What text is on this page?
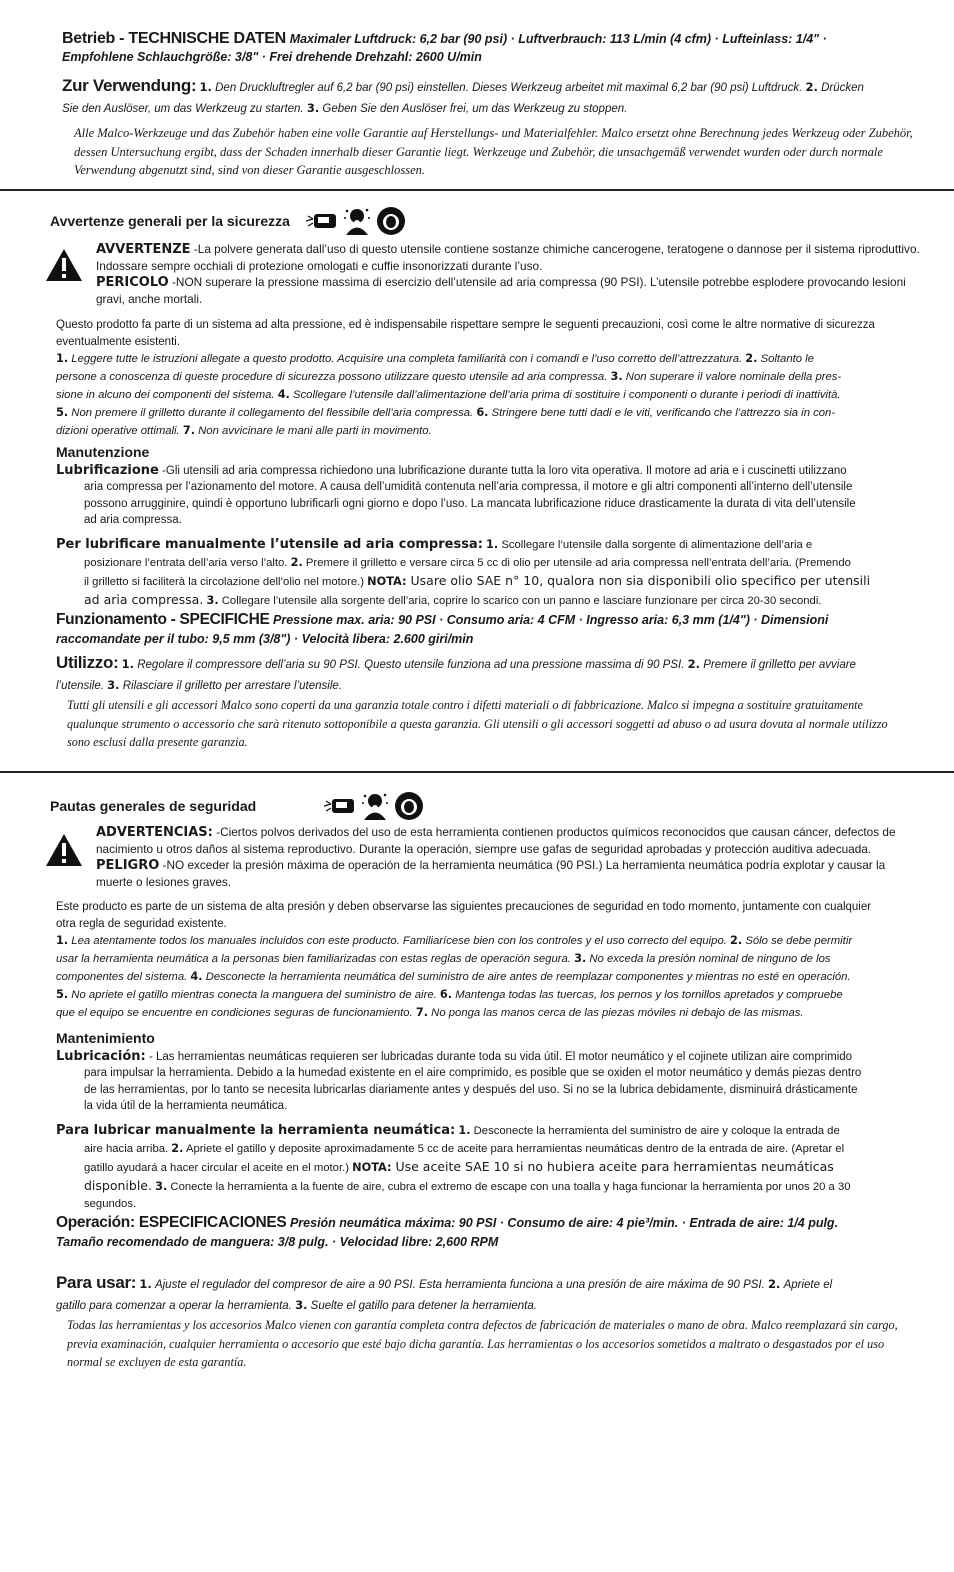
Betrieb - TECHNISCHE DATEN Maximaler Luftdruck: 6,2 bar (90 psi) · Luftverbrauch: 113 L/min (4 cfm) · Lufteinlass: 1/4" ·
Empfohlene Schlauchgröße: 3/8" · Frei drehende Drehzahl: 2600 U/min
Zur Verwendung: 1. Den Druckluftregler auf 6,2 bar (90 psi) einstellen. Dieses Werkzeug arbeitet mit maximal 6,2 bar (90 psi) Luftdruck. 2. Drücken
Sie den Auslöser, um das Werkzeug zu starten. 3. Geben Sie den Auslöser frei, um das Werkzeug zu stoppen.
Alle Malco-Werkzeuge und das Zubehör haben eine volle Garantie auf Herstellungs- und Materialfehler. Malco ersetzt ohne Berechnung jedes Werkzeug oder Zubehör,
dessen Untersuchung ergibt, dass der Schaden innerhalb dieser Garantie liegt. Werkzeuge und Zubehör, die unsachgemäß verwendet wurden oder durch normale
Verwendung abgenutzt sind, sind von dieser Garantie ausgeschlossen.
Avvertenze generali per la sicurezza
AVVERTENZE -La polvere generata dall’uso di questo utensile contiene sostanze chimiche cancerogene, teratogene o dannose per il sistema riproduttivo.
Indossare sempre occhiali di protezione omologati e cuffie insonorizzati durante l’uso.
PERICOLO -NON superare la pressione massima di esercizio dell’utensile ad aria compressa (90 PSI). L’utensile potrebbe esplodere provocando lesioni
gravi, anche mortali.
Questo prodotto fa parte di un sistema ad alta pressione, ed è indispensabile rispettare sempre le seguenti precauzioni, così come le altre normative di sicurezza
eventualmente esistenti.
1. Leggere tutte le istruzioni allegate a questo prodotto. Acquisire una completa familiarità con i comandi e l’uso corretto dell’attrezzatura. 2. Soltanto le
persone a conoscenza di queste procedure di sicurezza possono utilizzare questo utensile ad aria compressa. 3. Non superare il valore nominale della pres-
sione in alcuno dei componenti del sistema. 4. Scollegare l’utensile dall’alimentazione dell’aria prima di sostituire i componenti o durante i periodi di inattività.
5. Non premere il grilletto durante il collegamento del flessibile dell’aria compressa. 6. Stringere bene tutti dadi e le viti, verificando che l’attrezzo sia in con-
dizioni operative ottimali. 7. Non avvicinare le mani alle parti in movimento.
Manutenzione
Lubrificazione -Gli utensili ad aria compressa richiedono una lubrificazione durante tutta la loro vita operativa. Il motore ad aria e i cuscinetti utilizzano

aria compressa per l’azionamento del motore. A causa dell’umidità contenuta nell’aria compressa, il motore e gli altri componenti all’interno dell’utensile
possono arrugginire, quindi è opportuno lubrificarli ogni giorno e dopo l’uso. La mancata lubrificazione riduce drasticamente la durata di vita dell’utensile
ad aria compressa.
Per lubrificare manualmente l’utensile ad aria compressa: 1. Scollegare l’utensile dalla sorgente di alimentazione dell’aria e

posizionare l’entrata dell’aria verso l’alto. 2. Premere il grilletto e versare circa 5 cc di olio per utensile ad aria compressa nell’entrata dell’aria. (Premendo
il grilletto si faciliterà la circolazione dell’olio nel motore.) NOTA: Usare olio SAE n° 10, qualora non sia disponibili olio specifico per utensili
ad aria compressa. 3. Collegare l’utensile alla sorgente dell’aria, coprire lo scarico con un panno e lasciare funzionare per circa 20-30 secondi.
Funzionamento - SPECIFICHE Pressione max. aria: 90 PSI · Consumo aria: 4 CFM · Ingresso aria: 6,3 mm (1/4") · Dimensioni
raccomandate per il tubo: 9,5 mm (3/8") · Velocità libera: 2.600 giri/min
Utilizzo: 1. Regolare il compressore dell’aria su 90 PSI. Questo utensile funziona ad una pressione massima di 90 PSI. 2. Premere il grilletto per avviare
l’utensile. 3. Rilasciare il grilletto per arrestare l’utensile.
Tutti gli utensili e gli accessori Malco sono coperti da una garanzia totale contro i difetti materiali o di fabbricazione. Malco si impegna a sostituire gratuitamente
qualunque strumento o accessorio che sarà ritenuto sottoponibile a questa garanzia. Gli utensili o gli accessori soggetti ad abuso o ad usura dovuta al normale utilizzo
sono esclusi dalla presente garanzia.
Pautas generales de seguridad
ADVERTENCIAS: -Ciertos polvos derivados del uso de esta herramienta contienen productos químicos reconocidos que causan cáncer, defectos de
nacimiento u otros daños al sistema reproductivo. Durante la operación, siempre use gafas de seguridad aprobadas y protección auditiva adecuada.
PELIGRO -NO exceder la presión máxima de operación de la herramienta neumática (90 PSI.) La herramienta neumática podría explotar y causar la
muerte o lesiones graves.
Este producto es parte de un sistema de alta presión y deben observarse las siguientes precauciones de seguridad en todo momento, juntamente con cualquier
otra regla de seguridad existente.
1. Lea atentamente todos los manuales incluidos con este producto. Familiarícese bien con los controles y el uso correcto del equipo. 2. Sólo se debe permitir
usar la herramienta neumática a la personas bien familiarizadas con estas reglas de operación segura. 3. No exceda la presión nominal de ninguno de los
componentes del sistema. 4. Desconecte la herramienta neumática del suministro de aire antes de reemplazar componentes y mientras no esté en operación.
5. No apriete el gatillo mientras conecta la manguera del suministro de aire. 6. Mantenga todas las tuercas, los pernos y los tornillos apretados y compruebe
que el equipo se encuentre en condiciones seguras de funcionamiento. 7. No ponga las manos cerca de las piezas móviles ni debajo de las mismas.
Mantenimiento
Lubricación: - Las herramientas neumáticas requieren ser lubricadas durante toda su vida útil. El motor neumático y el cojinete utilizan aire comprimido

para impulsar la herramienta. Debido a la humedad existente en el aire comprimido, es posible que se oxiden el motor neumático y demás piezas dentro
de las herramientas, por lo tanto se necesita lubricarlas diariamente antes y después del uso. Si no se la lubrica debidamente, disminuirá drásticamente
la vida útil de la herramienta neumática.
Para lubricar manualmente la herramienta neumática: 1. Desconecte la herramienta del suministro de aire y coloque la entrada de

aire hacia arriba. 2. Apriete el gatillo y deposite aproximadamente 5 cc de aceite para herramientas neumáticas dentro de la entrada de aire. (Apretar el
gatillo ayudará a hacer circular el aceite en el motor.) NOTA: Use aceite SAE 10 si no hubiera aceite para herramientas neumáticas
disponible. 3. Conecte la herramienta a la fuente de aire, cubra el extremo de escape con una toalla y haga funcionar la herramienta por unos 20 a 30
segundos.
Operación: ESPECIFICACIONES Presión neumática máxima: 90 PSI · Consumo de aire: 4 pie³/min. · Entrada de aire: 1/4 pulg.
Tamaño recomendado de manguera: 3/8 pulg. · Velocidad libre: 2,600 RPM
Para usar: 1. Ajuste el regulador del compresor de aire a 90 PSI. Esta herramienta funciona a una presión de aire máxima de 90 PSI. 2. Apriete el
gatillo para comenzar a operar la herramienta. 3. Suelte el gatillo para detener la herramienta.
Todas las herramientas y los accesorios Malco vienen con garantía completa contra defectos de fabricación de materiales o mano de obra. Malco reemplazará sin cargo,
previa examinación, cualquier herramienta o accesorio que esté bajo dicha garantía. Las herramientas o los accesorios sometidos a maltrato o desgastados por el uso
normal se excluyen de esta garantía.
